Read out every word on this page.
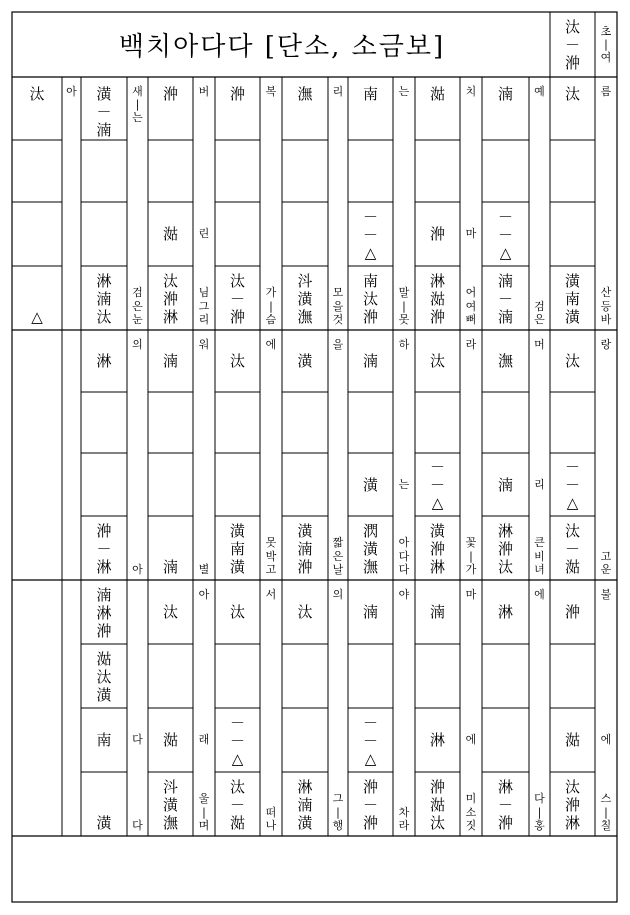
백치아다다 [단소, 소금보]
汰
－
㳞
초
|
여
汰 아
△
潢
－
湳
새
|
는
淋
湳
汰
검
은
눈
㳞 버
㴌 린
汰
㳞
淋
님
그
리
㳞 복
汰
－
㳞
가
|
슴
潕 리
㳆
潢
潕
모
을
것
南 는
－
－
△
南
汰
㳞
말
|
못
㴌 치
㳞 마
淋
㴌
㳞
어
여
뻐
湳 예
－
－
△
湳
－
湳
검
은
汰 름
潢
南
潢
산
등
바
淋
의
㳞
－
淋 아
湳
워
湳 별
汰
에
潢
南
潢
못
박
고
潢
을
潢
湳
㳞
짧
은
날
湳
하
潢 는
㴸
潢
潕
아
다
다
汰
라
－
－
△
潢
㳞
淋
꽃
|
가
潕
머
湳 리
淋
㳞
汰
큰
비
녀
汰
랑
－
－
△
汰
－
㴌
고
운
湳
淋
㳞
㴌
汰
潢
南 다
潢 다
汰
아
㴌 래
㳆
潢
潕
울
|
며
汰
서
－
－
△
汰
－
㴌
떠
나
汰
의
淋
湳
潢
그
|
행
湳
야
－
－
△
㳞
－
㳞
차
라
湳
마
淋 에
㳞
㴌
汰
미
소
짓
淋
에
淋
－
㳞
다
|
홍
㳞
불
㴌 에
汰
㳞
淋
스
|
칠
